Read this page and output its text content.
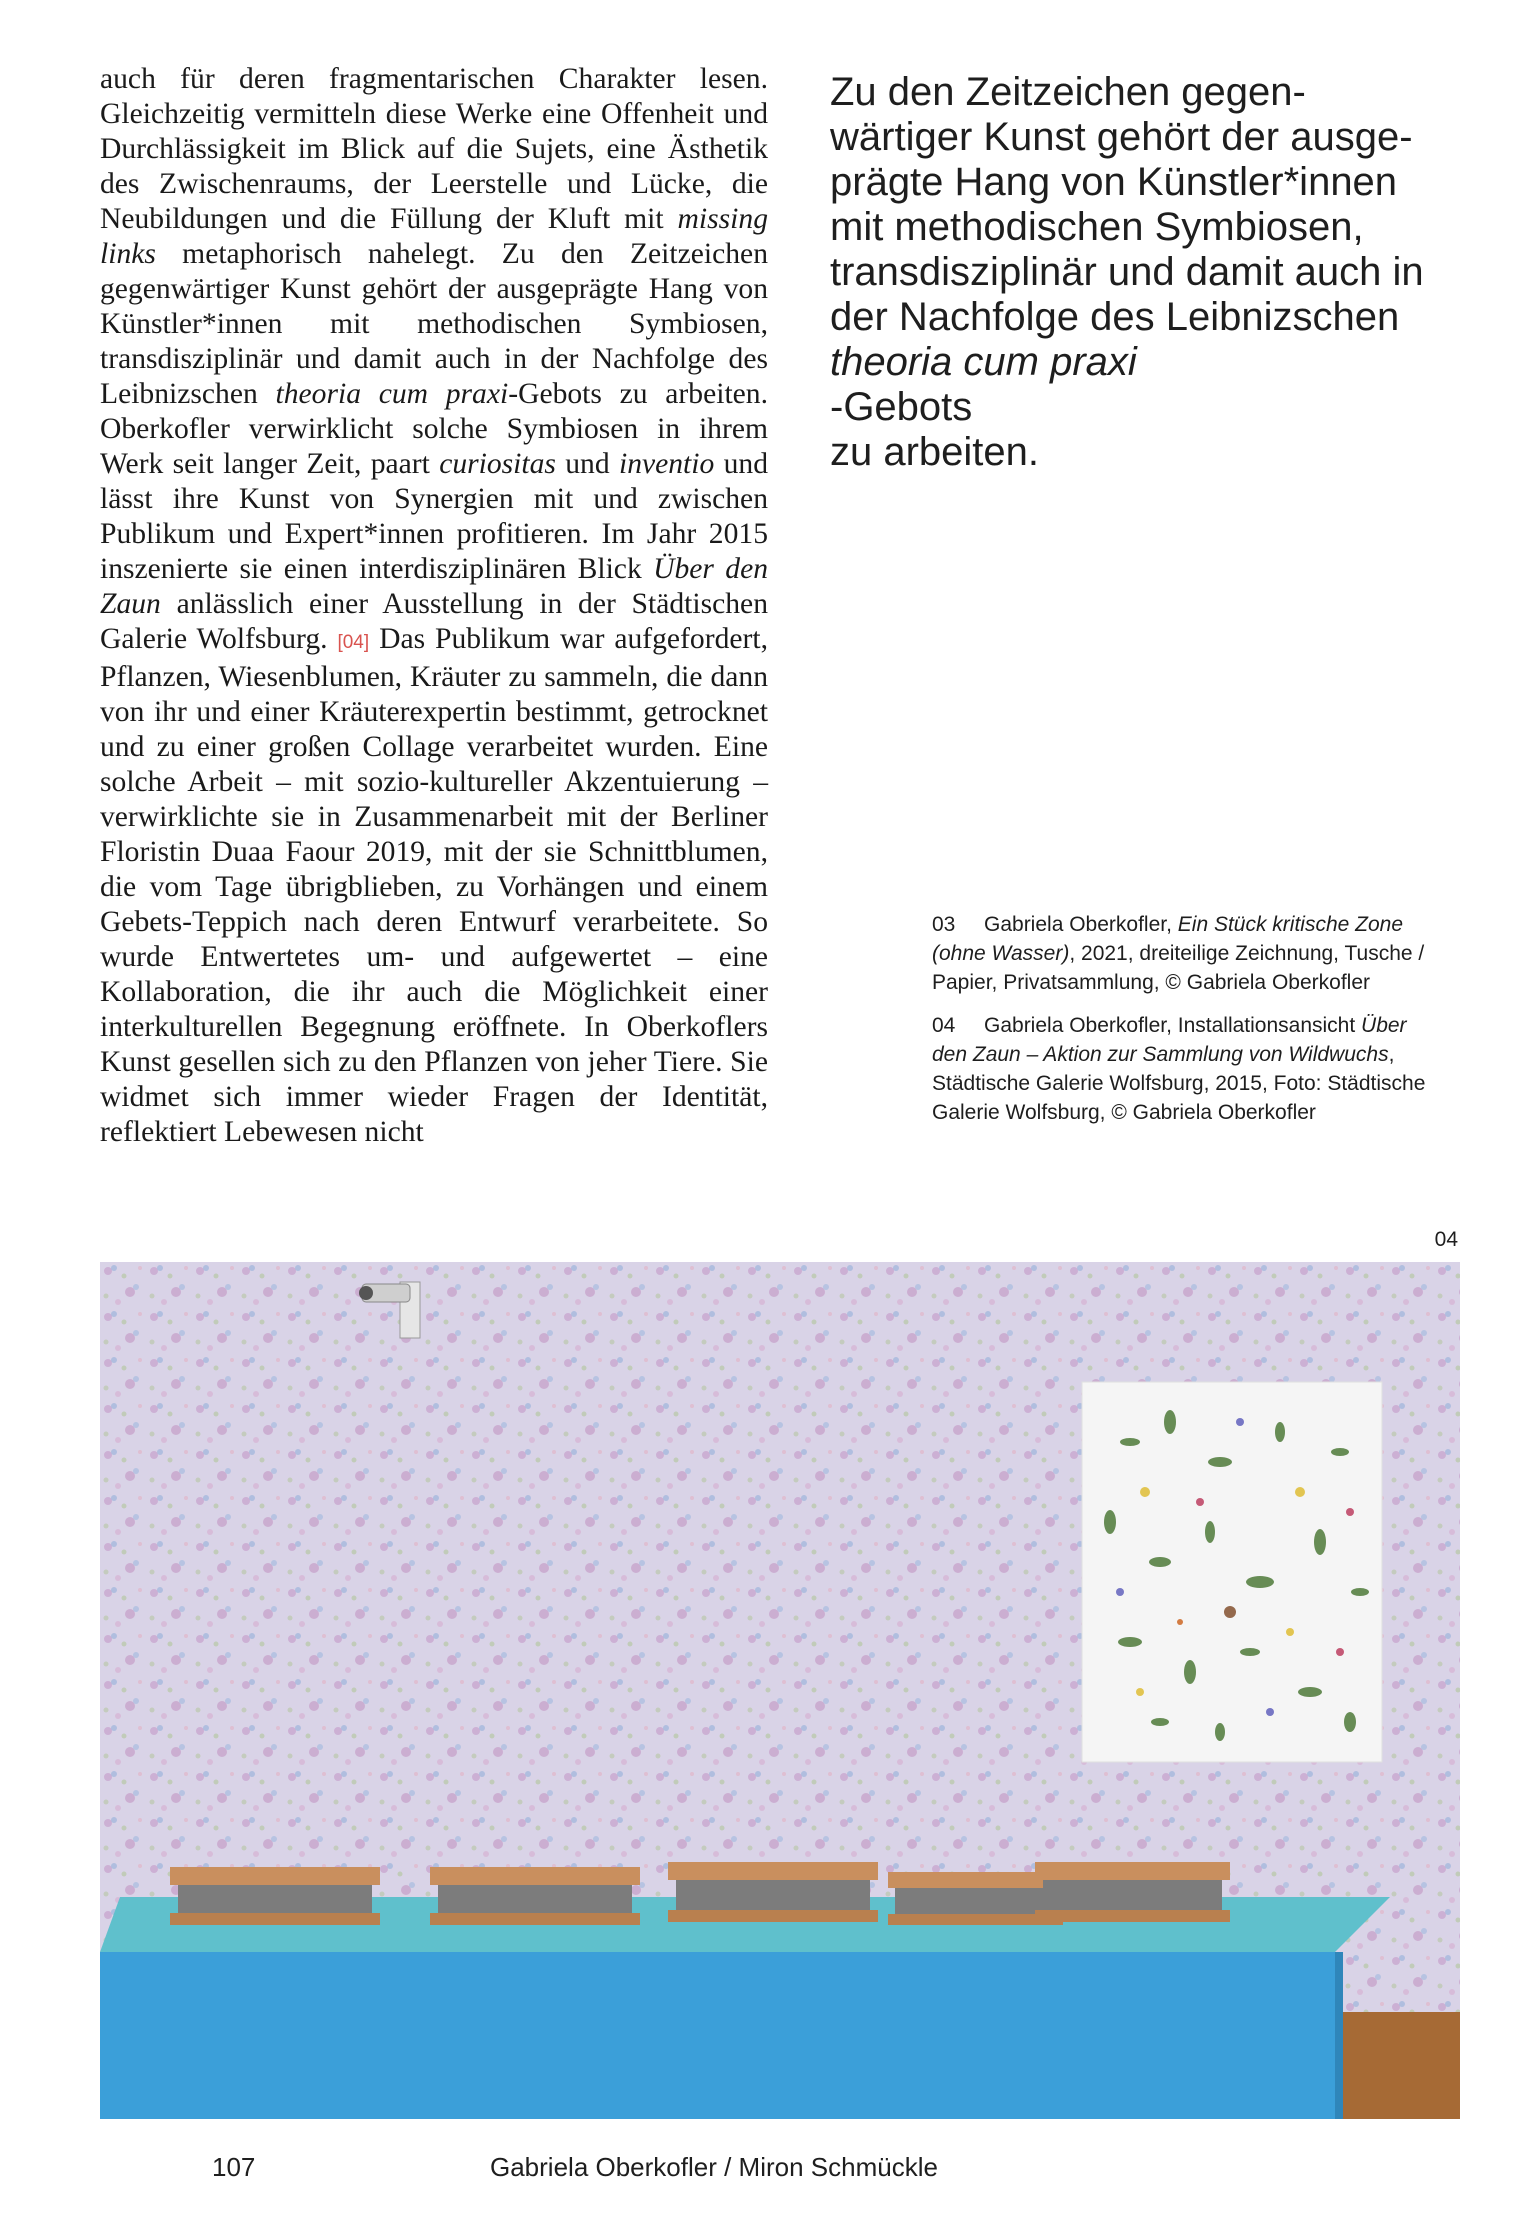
auch für deren fragmentarischen Charakter lesen. Gleichzeitig vermitteln diese Werke eine Offenheit und Durchlässigkeit im Blick auf die Sujets, eine Ästhetik des Zwischenraums, der Leerstelle und Lücke, die Neubildungen und die Füllung der Kluft mit missing links metaphorisch nahelegt. Zu den Zeitzeichen gegenwärtiger Kunst gehört der ausgeprägte Hang von Künstler*innen mit methodischen Symbiosen, transdisziplinär und damit auch in der Nachfolge des Leibnizschen theoria cum praxi-Gebots zu arbeiten. Oberkofler verwirklicht solche Symbiosen in ihrem Werk seit langer Zeit, paart curiositas und inventio und lässt ihre Kunst von Synergien mit und zwischen Publikum und Expert*innen profitieren. Im Jahr 2015 inszenierte sie einen interdisziplinären Blick Über den Zaun anlässlich einer Ausstellung in der Städtischen Galerie Wolfsburg. [04] Das Publikum war aufgefordert, Pflanzen, Wiesenblumen, Kräuter zu sammeln, die dann von ihr und einer Kräuterexpertin bestimmt, getrocknet und zu einer großen Collage verarbeitet wurden. Eine solche Arbeit – mit sozio-kultureller Akzentuierung – verwirklichte sie in Zusammenarbeit mit der Berliner Floristin Duaa Faour 2019, mit der sie Schnittblumen, die vom Tage übrigblieben, zu Vorhängen und einem Gebets-Teppich nach deren Entwurf verarbeitete. So wurde Entwertetes um- und aufgewertet – eine Kollaboration, die ihr auch die Möglichkeit einer interkulturellen Begegnung eröffnete. In Oberkoflers Kunst gesellen sich zu den Pflanzen von jeher Tiere. Sie widmet sich immer wieder Fragen der Identität, reflektiert Lebewesen nicht

Zu den Zeitzeichen gegen-
wärtiger Kunst gehört der ausge-
prägte Hang von Künstler*innen
mit methodischen Symbiosen,
transdisziplinär und damit auch in
der Nachfolge des Leibnizschen
theoria cum praxi
-Gebots
zu arbeiten.

03 Gabriela Oberkofler, Ein Stück kritische Zone (ohne Wasser), 2021, dreiteilige Zeichnung, Tusche / Papier, Privatsammlung, © Gabriela Oberkofler

04 Gabriela Oberkofler, Installationsansicht Über den Zaun – Aktion zur Sammlung von Wildwuchs, Städtische Galerie Wolfsburg, 2015, Foto: Städtische Galerie Wolfsburg, © Gabriela Oberkofler

04
107	Gabriela Oberkofler / Miron Schmückle
